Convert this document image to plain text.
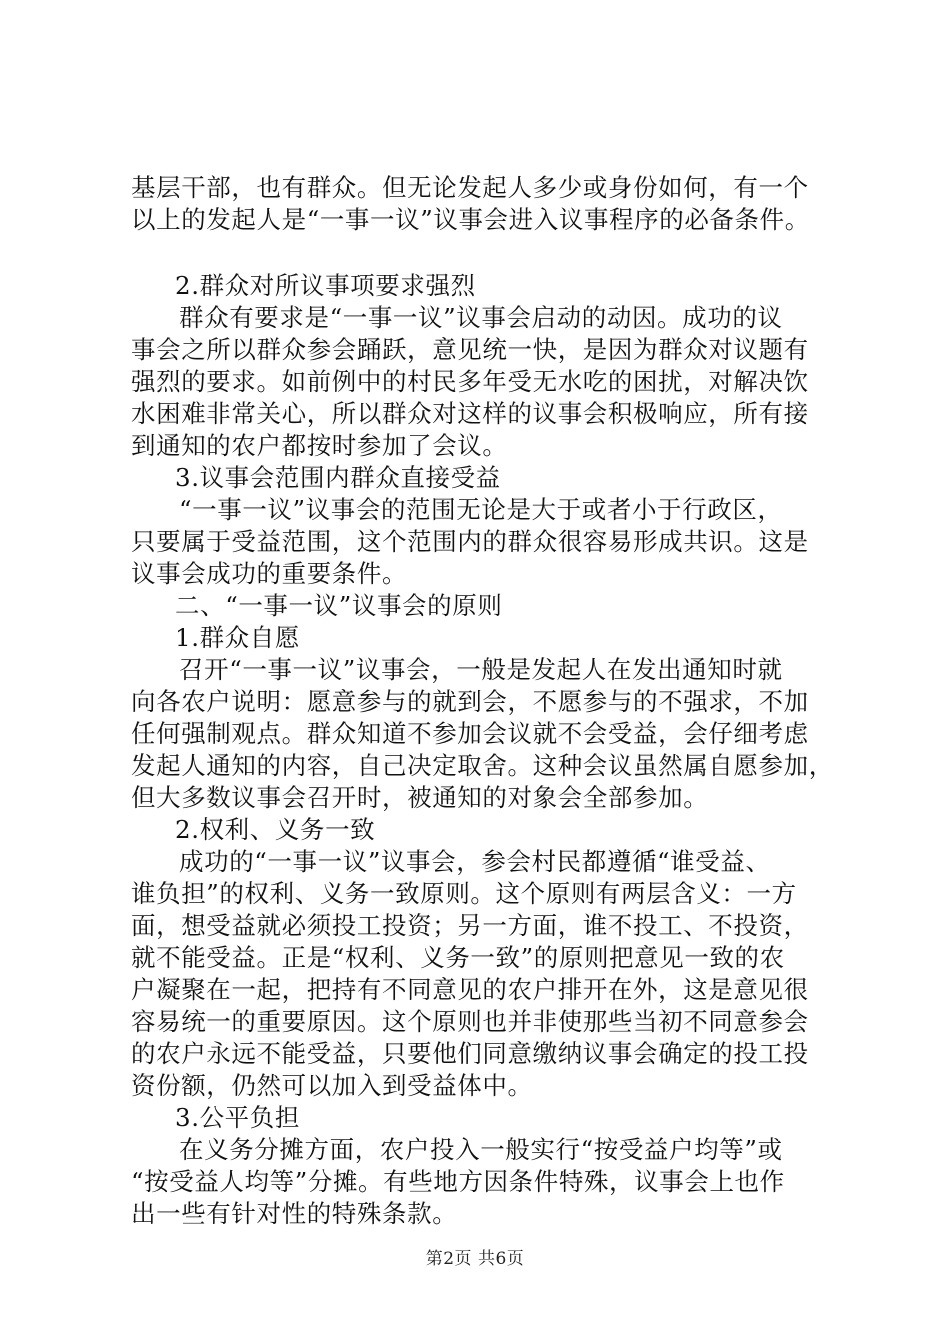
基层干部，也有群众。但无论发起人多少或身份如何，有一个
以上的发起人是“一事一议”议事会进入议事程序的必备条件。
2.群众对所议事项要求强烈
群众有要求是“一事一议”议事会启动的动因。成功的议
事会之所以群众参会踊跃，意见统一快，是因为群众对议题有
强烈的要求。如前例中的村民多年受无水吃的困扰，对解决饮
水困难非常关心，所以群众对这样的议事会积极响应，所有接
到通知的农户都按时参加了会议。
3.议事会范围内群众直接受益
“一事一议”议事会的范围无论是大于或者小于行政区，
只要属于受益范围，这个范围内的群众很容易形成共识。这是
议事会成功的重要条件。
二、“一事一议”议事会的原则
1.群众自愿
召开“一事一议”议事会，一般是发起人在发出通知时就
向各农户说明：愿意参与的就到会，不愿参与的不强求，不加
任何强制观点。群众知道不参加会议就不会受益，会仔细考虑
发起人通知的内容，自己决定取舍。这种会议虽然属自愿参加，
但大多数议事会召开时，被通知的对象会全部参加。
2.权利、义务一致
成功的“一事一议”议事会，参会村民都遵循“谁受益、
谁负担”的权利、义务一致原则。这个原则有两层含义：一方
面，想受益就必须投工投资；另一方面，谁不投工、不投资，
就不能受益。正是“权利、义务一致”的原则把意见一致的农
户凝聚在一起，把持有不同意见的农户排开在外，这是意见很
容易统一的重要原因。这个原则也并非使那些当初不同意参会
的农户永远不能受益，只要他们同意缴纳议事会确定的投工投
资份额，仍然可以加入到受益体中。
3.公平负担
在义务分摊方面，农户投入一般实行“按受益户均等”或
“按受益人均等”分摊。有些地方因条件特殊，议事会上也作
出一些有针对性的特殊条款。
第2页 共6页
